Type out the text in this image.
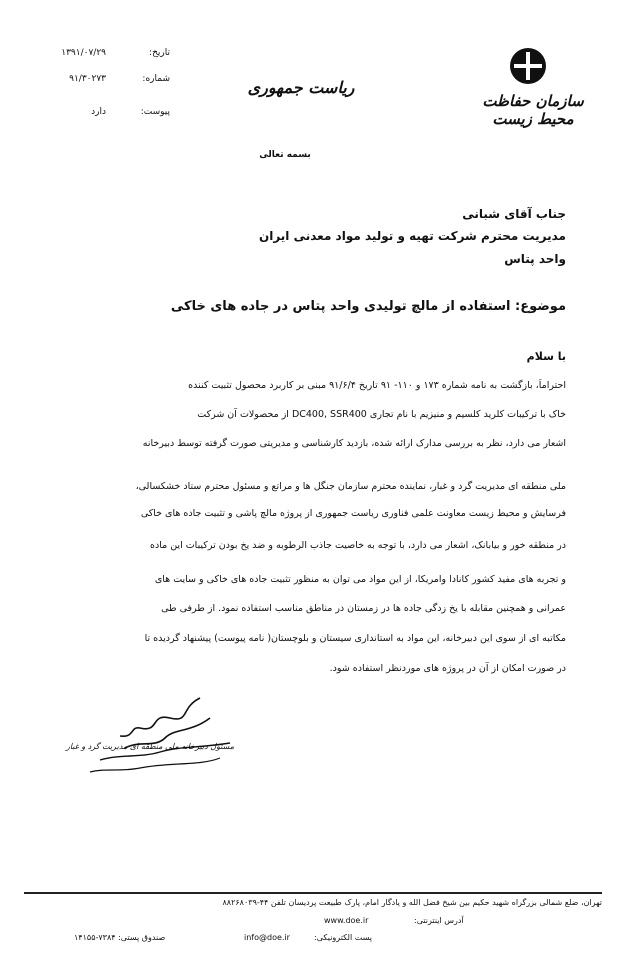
سازمان حفاظت محیط زیست
ریاست جمهوری
تاریخ:
۱۳۹۱/۰۷/۲۹
شماره:
۹۱/۳۰۲۷۳
پیوست:
دارد
بسمه تعالی
جناب آقای شبانی
مدیریت محترم شرکت تهیه و تولید مواد معدنی ایران
واحد پتاس
موضوع: استفاده از مالچ تولیدی واحد پتاس در جاده های خاکی
با سلام
احتراماً، بازگشت به نامه شماره ۱۷۳ و ۱۱۰- ۹۱ تاریخ ۹۱/۶/۴ مبنی بر کاربرد محصول تثبیت کننده
خاک با ترکیبات کلرید کلسیم و منیزیم با نام تجاری DC400, SSR400 از محصولات آن شرکت
اشعار می دارد، نظر به بررسی مدارک ارائه شده، بازدید کارشناسی و مدیریتی صورت گرفته توسط دبیرخانه
ملی منطقه ای مدیریت گرد و غبار، نماینده محترم سازمان جنگل ها و مراتع و مسئول محترم ستاد خشکسالی،
فرسایش و محیط زیست معاونت علمی فناوری ریاست جمهوری از پروژه مالچ پاشی و تثبیت جاده های خاکی
در منطقه خور و بیابانک، اشعار می دارد، با توجه به خاصیت جاذب الرطوبه و ضد یخ بودن ترکیبات این ماده
و تجربه های مفید کشور کانادا وامریکا، از این مواد می توان به منظور تثبیت جاده های خاکی و سایت های
عمرانی و همچنین مقابله با یخ زدگی جاده ها در زمستان در مناطق مناسب استفاده نمود. از طرفی طی
مکاتبه ای از سوی این دبیرخانه، این مواد به استانداری سیستان و بلوچستان( نامه پیوست) پیشنهاد گردیده تا
در صورت امکان از آن در پروژه های موردنظر استفاده شود.
مسئول دبیرخانه ملی منطقه ای مدیریت گرد و غبار
تهران، ضلع شمالی بزرگراه شهید حکیم بین شیخ فضل الله و یادگار امام، پارک طبیعت پردیسان تلفن ۴۴-۸۸۲۶۸۰۳۹
www.doe.ir	آدرس اینترنتی:
صندوق پستی: ۷۳۸۴-۱۴۱۵۵	info@doe.ir	پست الکترونیکی:
